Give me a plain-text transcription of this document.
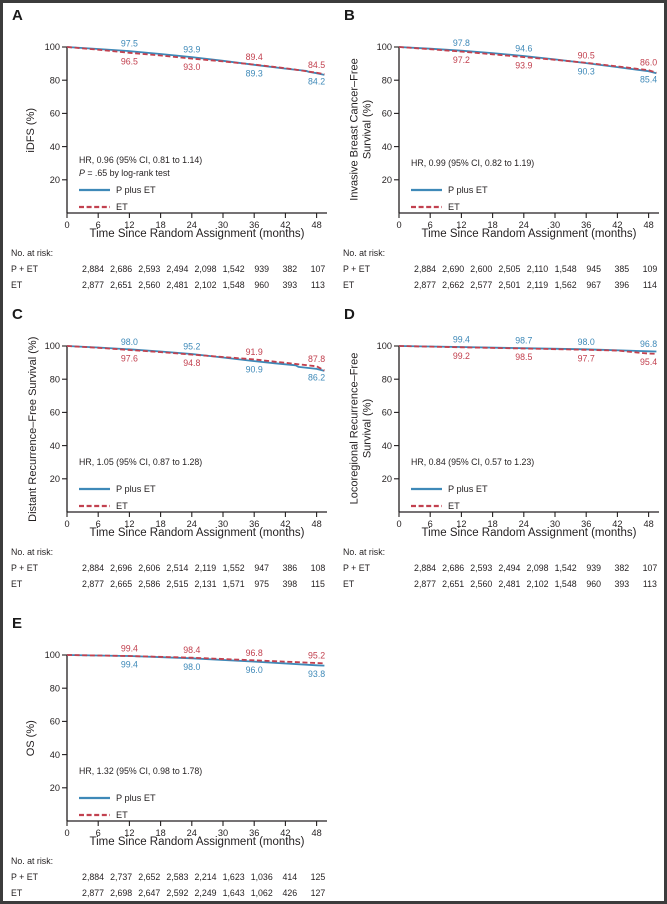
A
iDFS (%)
20
40
60
80
100
0	6	12 18 24 30 36 42 48
97.5
96.5
93.9
93.0
89.4
89.3
84.5
84.2
HR, 0.96 (95% CI, 0.81 to 1.14)
P = .65 by log-rank test
P plus ET
ET
Time Since Random Assignment (months)
No. at risk:
P + ET	2,884 2,686 2,593 2,494 2,098 1,542	939	382	107
ET	2,877 2,651 2,560 2,481 2,102 1,548	960	393	113
B
Invasive Breast Cancer–Free Survival (%)
20
40
60
80
100
0	6	12 18 24 30 36 42 48
97.8
97.2
94.6
93.9
90.5
90.3
86.0
85.4
HR, 0.99 (95% CI, 0.82 to 1.19)
P plus ET
ET
Time Since Random Assignment (months)
No. at risk:
P + ET	2,884 2,690 2,600 2,505 2,110 1,548	945	385	109
ET	2,877 2,662 2,577 2,501 2,119 1,562	967	396	114
C
Distant Recurrence–Free Survival (%) 20
40
60
80
100
0	6	12 18 24 30 36 42 48
98.0
97.6
95.2
94.8
91.9
90.9
87.8
86.2
HR, 1.05 (95% CI, 0.87 to 1.28)
P plus ET
ET
Time Since Random Assignment (months)
No. at risk:
P + ET	2,884 2,696 2,606 2,514 2,119 1,552	947	386	108
ET	2,877 2,665 2,586 2,515 2,131 1,571	975	398	115
D
Locoregional Recurrence–Free Survival (%)
20
40
60
80
100
0	6	12 18 24 30 36 42 48
99.4
99.2
98.7
98.5
98.0
97.7
96.8
95.4
HR, 0.84 (95% CI, 0.57 to 1.23)
P plus ET
ET
Time Since Random Assignment (months)
No. at risk:
P + ET	2,884 2,686 2,593 2,494 2,098 1,542	939	382	107
ET	2,877 2,651 2,560 2,481 2,102 1,548	960	393	113
E
OS (%)
20
40
60
80
100
0	6	12 18 24 30 36 42 48
99.4
99.4
98.4
98.0
96.8
96.0
95.2
93.8
HR, 1.32 (95% CI, 0.98 to 1.78)
P plus ET
ET
Time Since Random Assignment (months)
No. at risk:
P + ET	2,884 2,737 2,652 2,583 2,214 1,623 1,036	414	125
ET	2,877 2,698 2,647 2,592 2,249 1,643 1,062	426	127
